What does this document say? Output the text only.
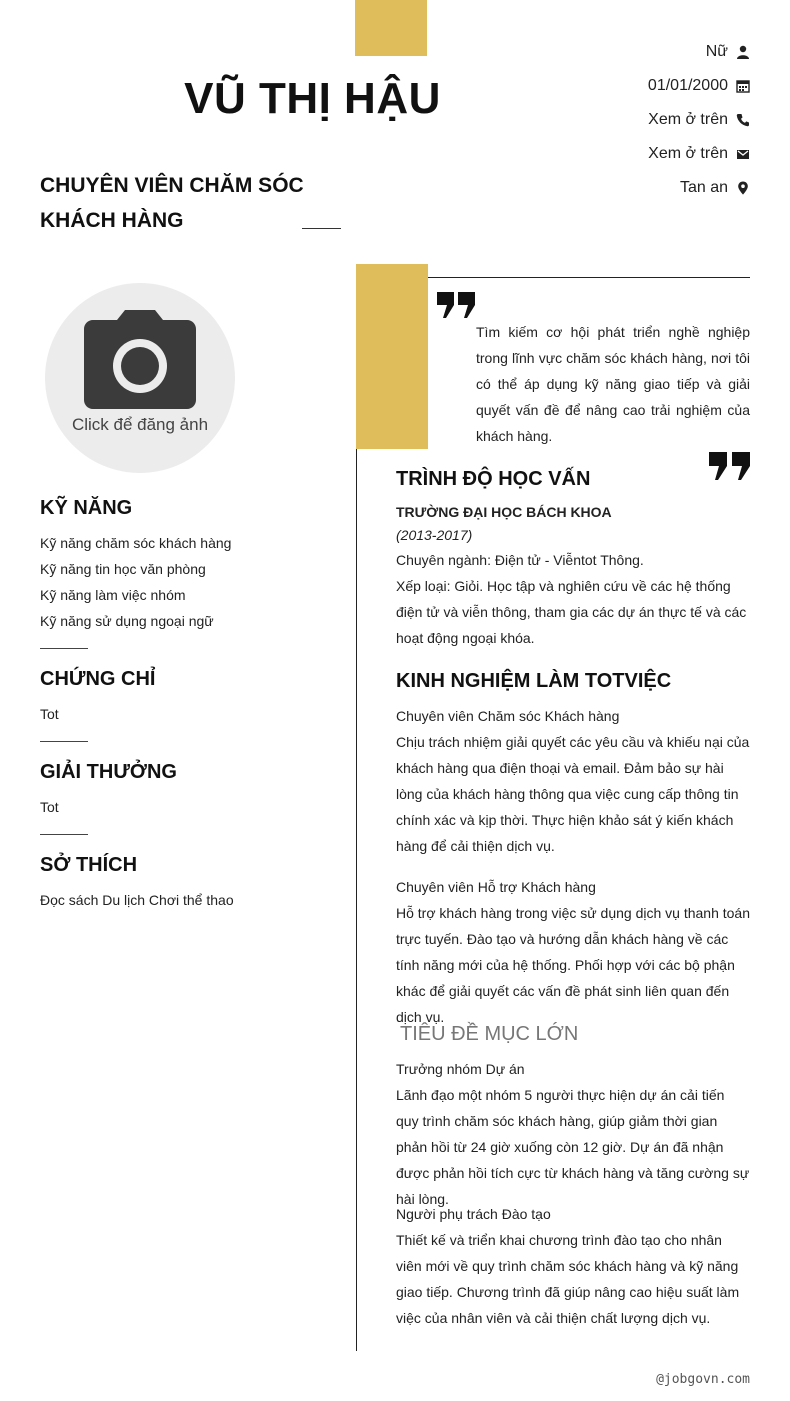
VŨ THỊ HẬU
CHUYÊN VIÊN CHĂM SÓC KHÁCH HÀNG
Nữ
01/01/2000
Xem ở trên
Xem ở trên
Tan an
Click để đăng ảnh
KỸ NĂNG
Kỹ năng chăm sóc khách hàng
Kỹ năng tin học văn phòng
Kỹ năng làm việc nhóm
Kỹ năng sử dụng ngoại ngữ
CHỨNG CHỈ
Tot
GIẢI THƯỞNG
Tot
SỞ THÍCH
Đọc sách Du lịch Chơi thể thao
Tìm kiếm cơ hội phát triển nghề nghiệp trong lĩnh vực chăm sóc khách hàng, nơi tôi có thể áp dụng kỹ năng giao tiếp và giải quyết vấn đề để nâng cao trải nghiệm của khách hàng.
TRÌNH ĐỘ HỌC VẤN
TRƯỜNG ĐẠI HỌC BÁCH KHOA
(2013-2017)
Chuyên ngành: Điện tử - Viễntot Thông.
Xếp loại: Giỏi. Học tập và nghiên cứu về các hệ thống điện tử và viễn thông, tham gia các dự án thực tế và các hoạt động ngoại khóa.
KINH NGHIỆM LÀM TOTVIỆC
Chuyên viên Chăm sóc Khách hàng
Chịu trách nhiệm giải quyết các yêu cầu và khiếu nại của khách hàng qua điện thoại và email. Đảm bảo sự hài lòng của khách hàng thông qua việc cung cấp thông tin chính xác và kịp thời. Thực hiện khảo sát ý kiến khách hàng để cải thiện dịch vụ.
Chuyên viên Hỗ trợ Khách hàng
Hỗ trợ khách hàng trong việc sử dụng dịch vụ thanh toán trực tuyến. Đào tạo và hướng dẫn khách hàng về các tính năng mới của hệ thống. Phối hợp với các bộ phận khác để giải quyết các vấn đề phát sinh liên quan đến dịch vụ.
TIÊU ĐỀ MỤC LỚN
Trưởng nhóm Dự án
Lãnh đạo một nhóm 5 người thực hiện dự án cải tiến quy trình chăm sóc khách hàng, giúp giảm thời gian phản hồi từ 24 giờ xuống còn 12 giờ. Dự án đã nhận được phản hồi tích cực từ khách hàng và tăng cường sự hài lòng.
Người phụ trách Đào tạo
Thiết kế và triển khai chương trình đào tạo cho nhân viên mới về quy trình chăm sóc khách hàng và kỹ năng giao tiếp. Chương trình đã giúp nâng cao hiệu suất làm việc của nhân viên và cải thiện chất lượng dịch vụ.
@jobgovn.com
